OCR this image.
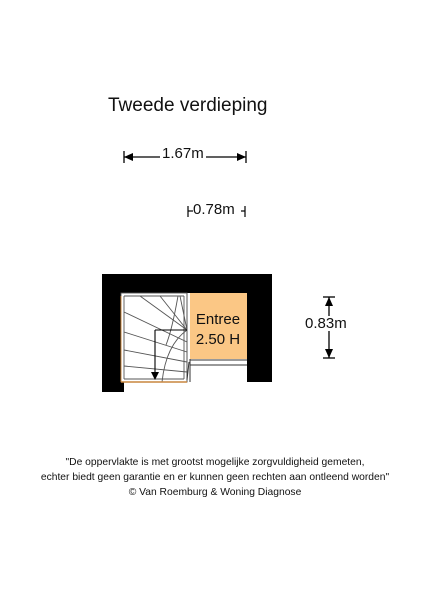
Tweede verdieping
1.67m
0.78m
0.83m
Entree
2.50 H
"De oppervlakte is met grootst mogelijke zorgvuldigheid gemeten,
echter biedt geen garantie en er kunnen geen rechten aan ontleend worden"
© Van Roemburg & Woning Diagnose
